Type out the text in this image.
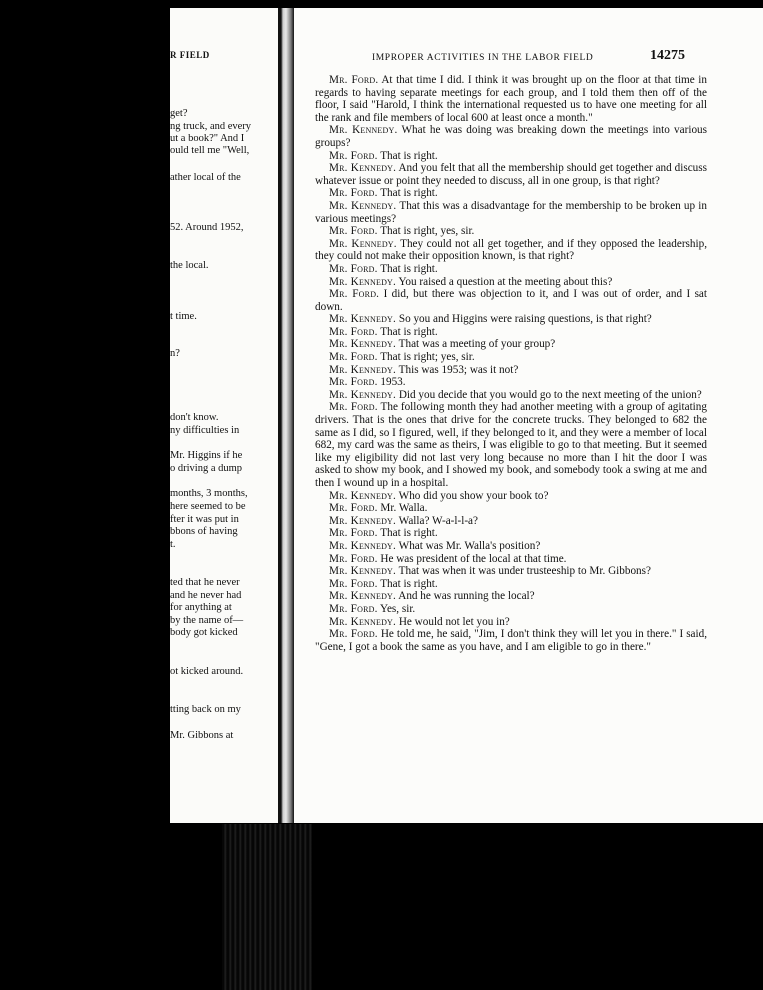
R FIELD
get?
ng truck, and every
ut a book?" And I
ould tell me "Well,
ather local of the
52. Around 1952,
the local.
t time.
n?
don't know.
ny difficulties in
Mr. Higgins if he
o driving a dump
months, 3 months,
here seemed to be
fter it was put in
bbons of having
t.
ted that he never
and he never had
for anything at
by the name of—
body got kicked
ot kicked around.
tting back on my
Mr. Gibbons at
IMPROPER ACTIVITIES IN THE LABOR FIELD	14275

Mr. Ford. At that time I did. I think it was brought up on the floor at that time in regards to having separate meetings for each group, and I told them then off of the floor, I said "Harold, I think the international requested us to have one meeting for all the rank and file members of local 600 at least once a month."

Mr. Kennedy. What he was doing was breaking down the meetings into various groups?

Mr. Ford. That is right.

Mr. Kennedy. And you felt that all the membership should get together and discuss whatever issue or point they needed to discuss, all in one group, is that right?

Mr. Ford. That is right.

Mr. Kennedy. That this was a disadvantage for the membership to be broken up in various meetings?

Mr. Ford. That is right, yes, sir.

Mr. Kennedy. They could not all get together, and if they opposed the leadership, they could not make their opposition known, is that right?

Mr. Ford. That is right.

Mr. Kennedy. You raised a question at the meeting about this?

Mr. Ford. I did, but there was objection to it, and I was out of order, and I sat down.

Mr. Kennedy. So you and Higgins were raising questions, is that right?

Mr. Ford. That is right.

Mr. Kennedy. That was a meeting of your group?

Mr. Ford. That is right; yes, sir.

Mr. Kennedy. This was 1953; was it not?

Mr. Ford. 1953.

Mr. Kennedy. Did you decide that you would go to the next meeting of the union?

Mr. Ford. The following month they had another meeting with a group of agitating drivers. That is the ones that drive for the concrete trucks. They belonged to 682 the same as I did, so I figured, well, if they belonged to it, and they were a member of local 682, my card was the same as theirs, I was eligible to go to that meeting. But it seemed like my eligibility did not last very long because no more than I hit the door I was asked to show my book, and I showed my book, and somebody took a swing at me and then I wound up in a hospital.

Mr. Kennedy. Who did you show your book to?

Mr. Ford. Mr. Walla.

Mr. Kennedy. Walla? W-a-l-l-a?

Mr. Ford. That is right.

Mr. Kennedy. What was Mr. Walla's position?

Mr. Ford. He was president of the local at that time.

Mr. Kennedy. That was when it was under trusteeship to Mr. Gibbons?

Mr. Ford. That is right.

Mr. Kennedy. And he was running the local?

Mr. Ford. Yes, sir.

Mr. Kennedy. He would not let you in?

Mr. Ford. He told me, he said, "Jim, I don't think they will let you in there." I said, "Gene, I got a book the same as you have, and I am eligible to go in there."
